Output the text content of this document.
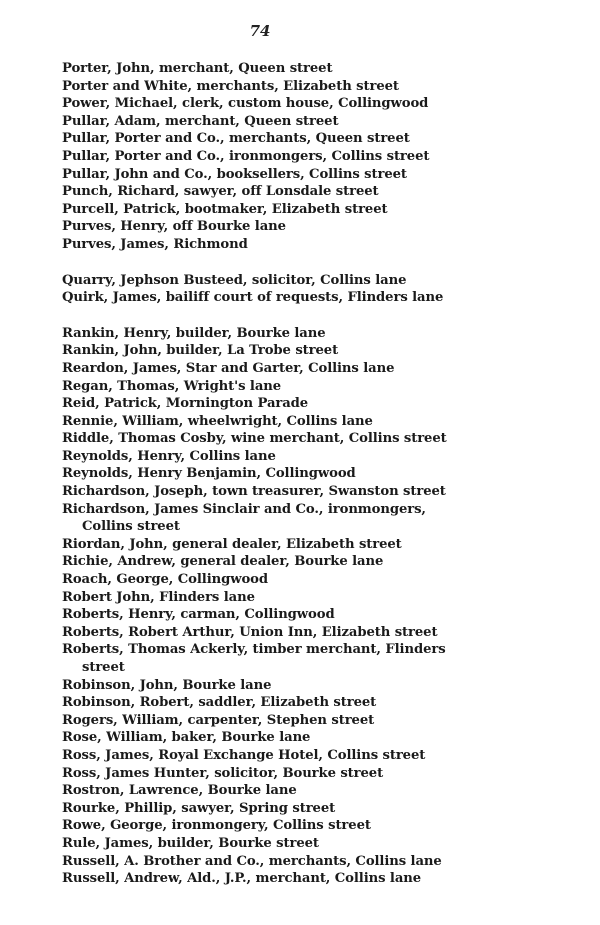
74
Porter, John, merchant, Queen street
Porter and White, merchants, Elizabeth street
Power, Michael, clerk, custom house, Collingwood
Pullar, Adam, merchant, Queen street
Pullar, Porter and Co., merchants, Queen street
Pullar, Porter and Co., ironmongers, Collins street
Pullar, John and Co., booksellers, Collins street
Punch, Richard, sawyer, off Lonsdale street
Purcell, Patrick, bootmaker, Elizabeth street
Purves, Henry, off Bourke lane
Purves, James, Richmond
Quarry, Jephson Busteed, solicitor, Collins lane
Quirk, James, bailiff court of requests, Flinders lane
Rankin, Henry, builder, Bourke lane
Rankin, John, builder, La Trobe street
Reardon, James, Star and Garter, Collins lane
Regan, Thomas, Wright's lane
Reid, Patrick, Mornington Parade
Rennie, William, wheelwright, Collins lane
Riddle, Thomas Cosby, wine merchant, Collins street
Reynolds, Henry, Collins lane
Reynolds, Henry Benjamin, Collingwood
Richardson, Joseph, town treasurer, Swanston street
Richardson, James Sinclair and Co., ironmongers,
Collins street
Riordan, John, general dealer, Elizabeth street
Richie, Andrew, general dealer, Bourke lane
Roach, George, Collingwood
Robert John, Flinders lane
Roberts, Henry, carman, Collingwood
Roberts, Robert Arthur, Union Inn, Elizabeth street
Roberts, Thomas Ackerly, timber merchant, Flinders
street
Robinson, John, Bourke lane
Robinson, Robert, saddler, Elizabeth street
Rogers, William, carpenter, Stephen street
Rose, William, baker, Bourke lane
Ross, James, Royal Exchange Hotel, Collins street
Ross, James Hunter, solicitor, Bourke street
Rostron, Lawrence, Bourke lane
Rourke, Phillip, sawyer, Spring street
Rowe, George, ironmongery, Collins street
Rule, James, builder, Bourke street
Russell, A. Brother and Co., merchants, Collins lane
Russell, Andrew, Ald., J.P., merchant, Collins lane
